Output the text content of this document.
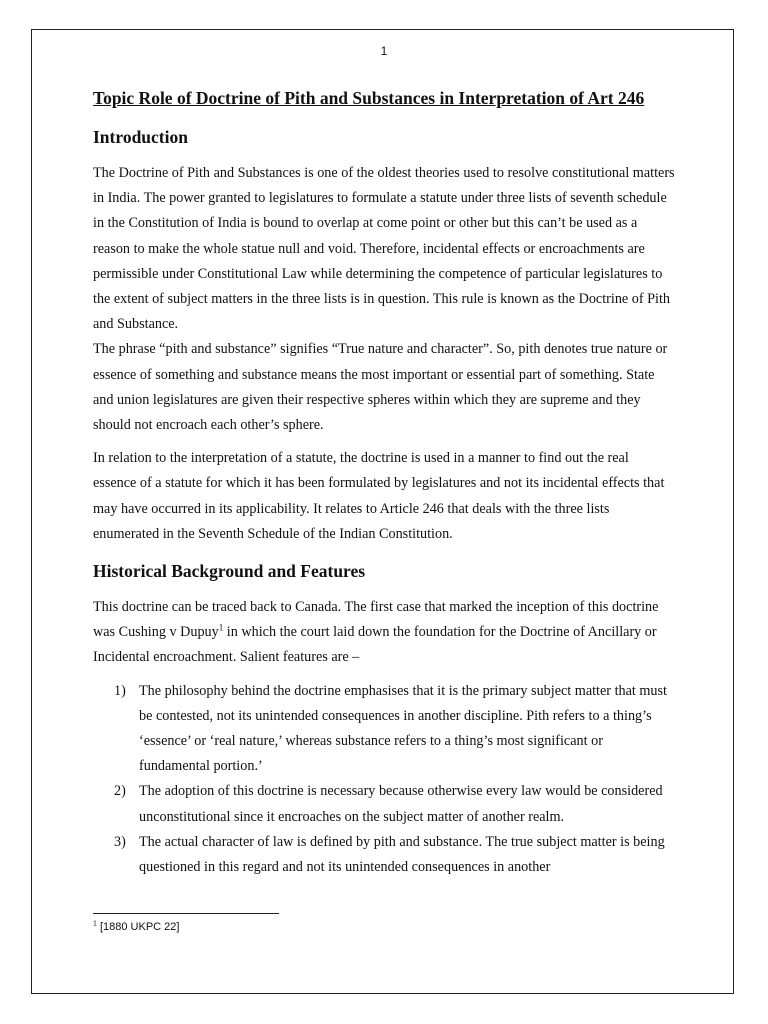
1
Topic Role of Doctrine of Pith and Substances in Interpretation of Art 246
Introduction

The Doctrine of Pith and Substances is one of the oldest theories used to resolve constitutional matters in India. The power granted to legislatures to formulate a statute under three lists of seventh schedule in the Constitution of India is bound to overlap at come point or other but this can’t be used as a reason to make the whole statue null and void. Therefore, incidental effects or encroachments are permissible under Constitutional Law while determining the competence of particular legislatures to the extent of subject matters in the three lists is in question. This rule is known as the Doctrine of Pith and Substance.

The phrase “pith and substance” signifies “True nature and character”. So, pith denotes true nature or essence of something and substance means the most important or essential part of something. State and union legislatures are given their respective spheres within which they are supreme and they should not encroach each other’s sphere.

In relation to the interpretation of a statute, the doctrine is used in a manner to find out the real essence of a statute for which it has been formulated by legislatures and not its incidental effects that may have occurred in its applicability. It relates to Article 246 that deals with the three lists enumerated in the Seventh Schedule of the Indian Constitution.

Historical Background and Features

This doctrine can be traced back to Canada. The first case that marked the inception of this doctrine was Cushing v Dupuy$^1$ in which the court laid down the foundation for the Doctrine of Ancillary or Incidental encroachment. Salient features are –

1) The philosophy behind the doctrine emphasises that it is the primary subject matter that must be contested, not its unintended consequences in another discipline. Pith refers to a thing’s ‘essence’ or ‘real nature,’ whereas substance refers to a thing’s most significant or fundamental portion.’
2) The adoption of this doctrine is necessary because otherwise every law would be considered unconstitutional since it encroaches on the subject matter of another realm.
3) The actual character of law is defined by pith and substance. The true subject matter is being questioned in this regard and not its unintended consequences in another
$^1$ [1880 UKPC 22]
